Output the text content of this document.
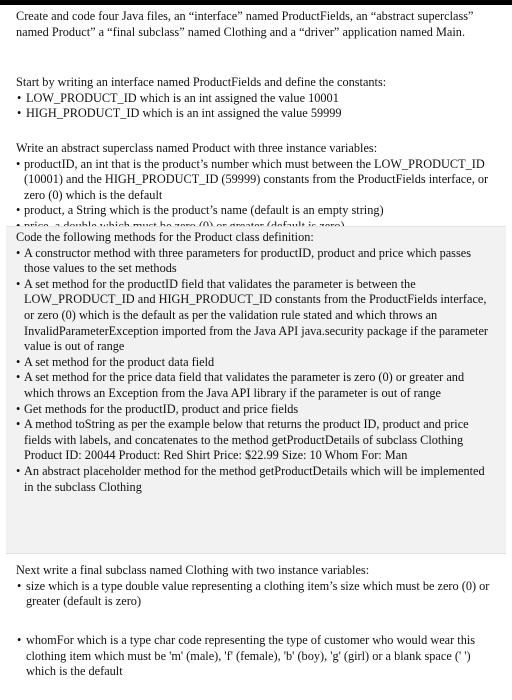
Create and code four Java files, an “interface” named ProductFields, an “abstract superclass” named Product” a “final subclass” named Clothing and a “driver” application named Main.

Start by writing an interface named ProductFields and define the constants:

• LOW_PRODUCT_ID which is an int assigned the value 10001
• HIGH_PRODUCT_ID which is an int assigned the value 59999

Write an abstract superclass named Product with three instance variables:

• productID, an int that is the product’s number which must between the LOW_PRODUCT_ID (10001) and the HIGH_PRODUCT_ID (59999) constants from the ProductFields interface, or zero (0) which is the default
• product, a String which is the product’s name (default is an empty string)
•

Code the following methods for the Product class definition:

• A constructor method with three parameters for productID, product and price which passes those values to the set methods
• A set method for the productID field that validates the parameter is between the LOW_PRODUCT_ID and HIGH_PRODUCT_ID constants from the ProductFields interface, or zero (0) which is the default as per the validation rule stated and which throws an InvalidParameterException imported from the Java API java.security package if the parameter value is out of range
• A set method for the product data field
• A set method for the price data field that validates the parameter is zero (0) or greater and which throws an Exception from the Java API library if the parameter is out of range
• Get methods for the productID, product and price fields
• A method toString as per the example below that returns the product ID, product and price fields with labels, and concatenates to the method getProductDetails of subclass Clothing Product ID: 20044 Product: Red Shirt Price: $22.99 Size: 10 Whom For: Man
• An abstract placeholder method for the method getProductDetails which will be implemented in the subclass Clothing

Next write a final subclass named Clothing with two instance variables:

• size which is a type double value representing a clothing item’s size which must be zero (0) or greater (default is zero)
• whomFor which is a type char code representing the type of customer who would wear this clothing item which must be 'm' (male), 'f' (female), 'b' (boy), 'g' (girl) or a blank space (' ') which is the default
